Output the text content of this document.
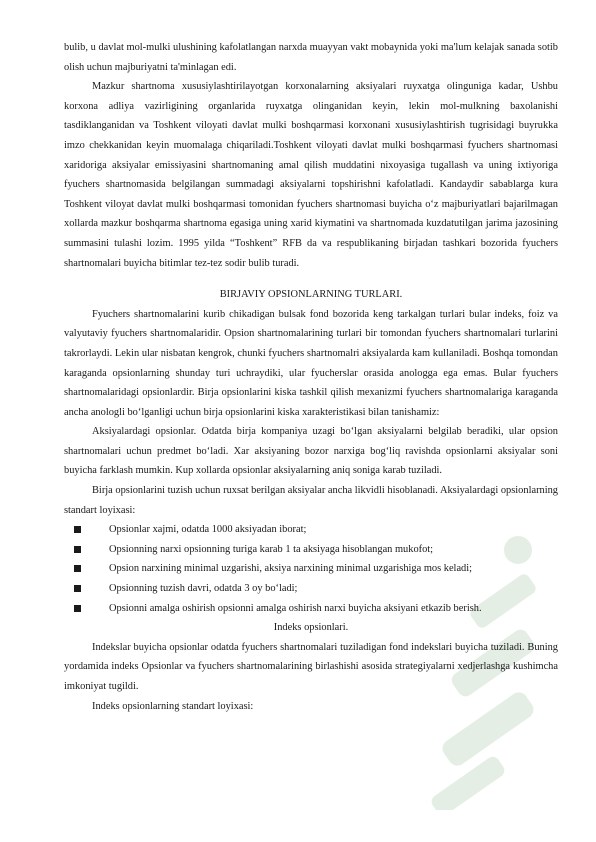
bulib, u davlat mol-mulki ulushining kafolatlangan narxda muayyan vakt mobaynida yoki ma'lum kelajak sanada sotib olish uchun majburiyatni ta'minlagan edi.

Mazkur shartnoma xususiylashtirilayotgan korxonalarning aksiyalari ruyxatga olinguniga kadar, Ushbu korxona adliya vazirligining organlarida ruyxatga olinganidan keyin, lekin mol-mulkning baxolanishi tasdiklanganidan va Toshkent viloyati davlat mulki boshqarmasi korxonani xususiylashtirish tugrisidagi buyrukka imzo chekkanidan keyin muomalaga chiqariladi.Toshkent viloyati davlat mulki boshqarmasi fyuchers shartnomasi xaridoriga aksiyalar emissiyasini shartnomaning amal qilish muddatini nixoyasiga tugallash va uning ixtiyoriga fyuchers shartnomasida belgilangan summadagi aksiyalarni topshirishni kafolatladi. Kandaydir sabablarga kura Toshkent viloyat davlat mulki boshqarmasi tomonidan fyuchers shartnomasi buyicha o‘z majburiyatlari bajarilmagan xollarda mazkur boshqarma shartnoma egasiga uning xarid kiymatini va shartnomada kuzdatutilgan jarima jazosining summasini tulashi lozim. 1995 yilda “Toshkent” RFB da va respublikaning birjadan tashkari bozorida fyuchers shartnomalari buyicha bitimlar tez-tez sodir bulib turadi.

BIRJAVIY OPSIONLARNING TURLARI.

Fyuchers shartnomalarini kurib chikadigan bulsak fond bozorida keng tarkalgan turlari bular indeks, foiz va valyutaviy fyuchers shartnomalaridir. Opsion shartnomalarining turlari bir tomondan fyuchers shartnomalari turlarini takrorlaydi. Lekin ular nisbatan kengrok, chunki fyuchers shartnomalri aksiyalarda kam kullaniladi. Boshqa tomondan karaganda opsionlarning shunday turi uchraydiki, ular fyucherslar orasida anologga ega emas. Bular fyuchers shartnomalaridagi opsionlardir. Birja opsionlarini kiska tashkil qilish mexanizmi fyuchers shartnomalariga karaganda ancha anologli bo‘lganligi uchun birja opsionlarini kiska xarakteristikasi bilan tanishamiz:

Aksiyalardagi opsionlar. Odatda birja kompaniya uzagi bo‘lgan aksiyalarni belgilab beradiki, ular opsion shartnomalari uchun predmet bo‘ladi. Xar aksiyaning bozor narxiga bog‘liq ravishda opsionlarni aksiyalar soni buyicha farklash mumkin. Kup xollarda opsionlar aksiyalarning aniq soniga karab tuziladi.

Birja opsionlarini tuzish uchun ruxsat berilgan aksiyalar ancha likvidli hisoblanadi. Aksiyalardagi opsionlarning standart loyixasi:

Opsionlar xajmi, odatda 1000 aksiyadan iborat;
Opsionning narxi opsionning turiga karab 1 ta aksiyaga hisoblangan mukofot;
Opsion narxining minimal uzgarishi, aksiya narxining minimal uzgarishiga mos keladi;
Opsionning tuzish davri, odatda 3 oy bo‘ladi;
Opsionni amalga oshirish opsionni amalga oshirish narxi buyicha aksiyani etkazib berish.

Indeks opsionlari.

Indekslar buyicha opsionlar odatda fyuchers shartnomalari tuziladigan fond indekslari buyicha tuziladi. Buning yordamida indeks Opsionlar va fyuchers shartnomalarining birlashishi asosida strategiyalarni xedjerlashga kushimcha imkoniyat tugildi.

Indeks opsionlarning standart loyixasi:
